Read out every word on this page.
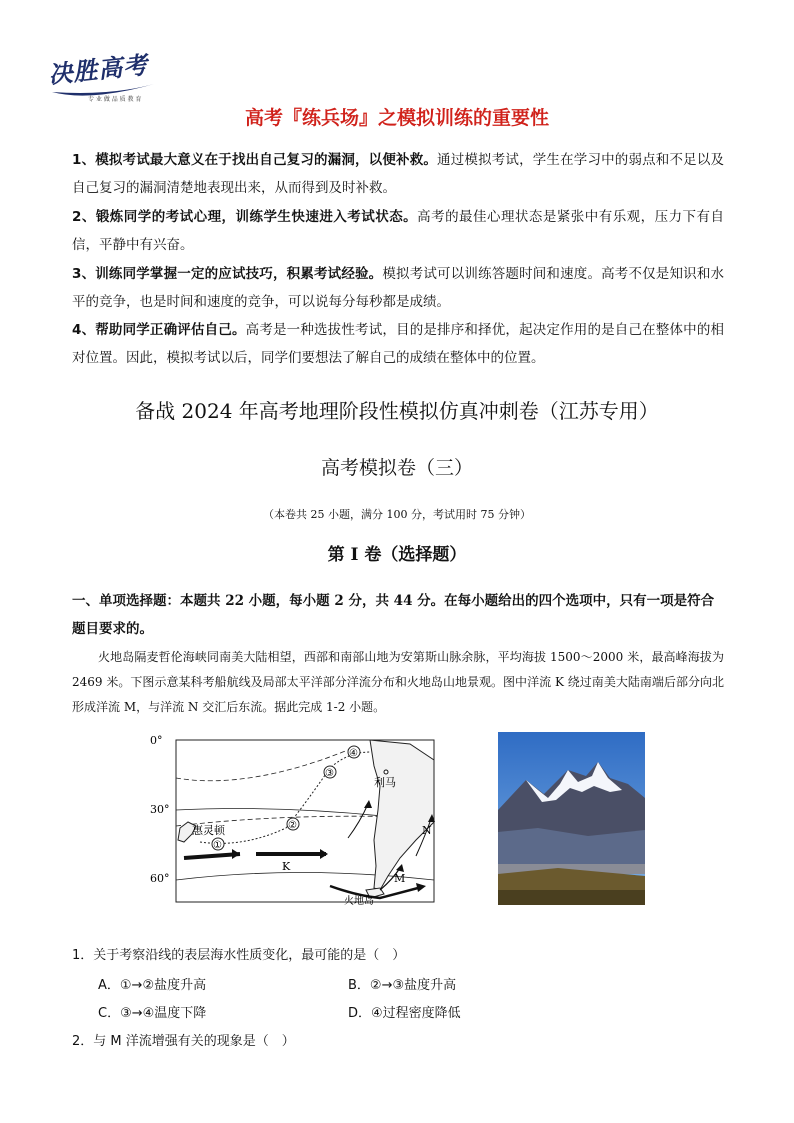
决胜高考
专 业 做 品 质 教 育
高考『练兵场』之模拟训练的重要性

1、模拟考试最大意义在于找出自己复习的漏洞，以便补救。通过模拟考试，学生在学习中的弱点和不足以及自己复习的漏洞清楚地表现出来，从而得到及时补救。

2、锻炼同学的考试心理，训练学生快速进入考试状态。高考的最佳心理状态是紧张中有乐观，压力下有自信，平静中有兴奋。

3、训练同学掌握一定的应试技巧，积累考试经验。模拟考试可以训练答题时间和速度。高考不仅是知识和水平的竞争，也是时间和速度的竞争，可以说每分每秒都是成绩。

4、帮助同学正确评估自己。高考是一种选拔性考试，目的是排序和择优，起决定作用的是自己在整体中的相对位置。因此，模拟考试以后，同学们要想法了解自己的成绩在整体中的位置。

备战 2024 年高考地理阶段性模拟仿真冲刺卷（江苏专用）
高考模拟卷（三）
（本卷共 25 小题，满分 100 分，考试用时 75 分钟）
第 I 卷（选择题）

一、单项选择题：本题共 22 小题，每小题 2 分，共 44 分。在每小题给出的四个选项中，只有一项是符合题目要求的。

火地岛隔麦哲伦海峡同南美大陆相望，西部和南部山地为安第斯山脉余脉，平均海拔 1500～2000 米，最高峰海拔为 2469 米。下图示意某科考船航线及局部太平洋部分洋流分布和火地岛山地景观。图中洋流 K 绕过南美大陆南端后部分向北形成洋流 M，与洋流 N 交汇后东流。据此完成 1-2 小题。

0°
30°
60°
①
②
③
④
利马
惠灵顿
K
M
N
火地岛

1．关于考察沿线的表层海水性质变化，最可能的是（　）

A．①→②盐度升高	B．②→③盐度升高
C．③→④温度下降	D．④过程密度降低

2．与 M 洋流增强有关的现象是（　）
